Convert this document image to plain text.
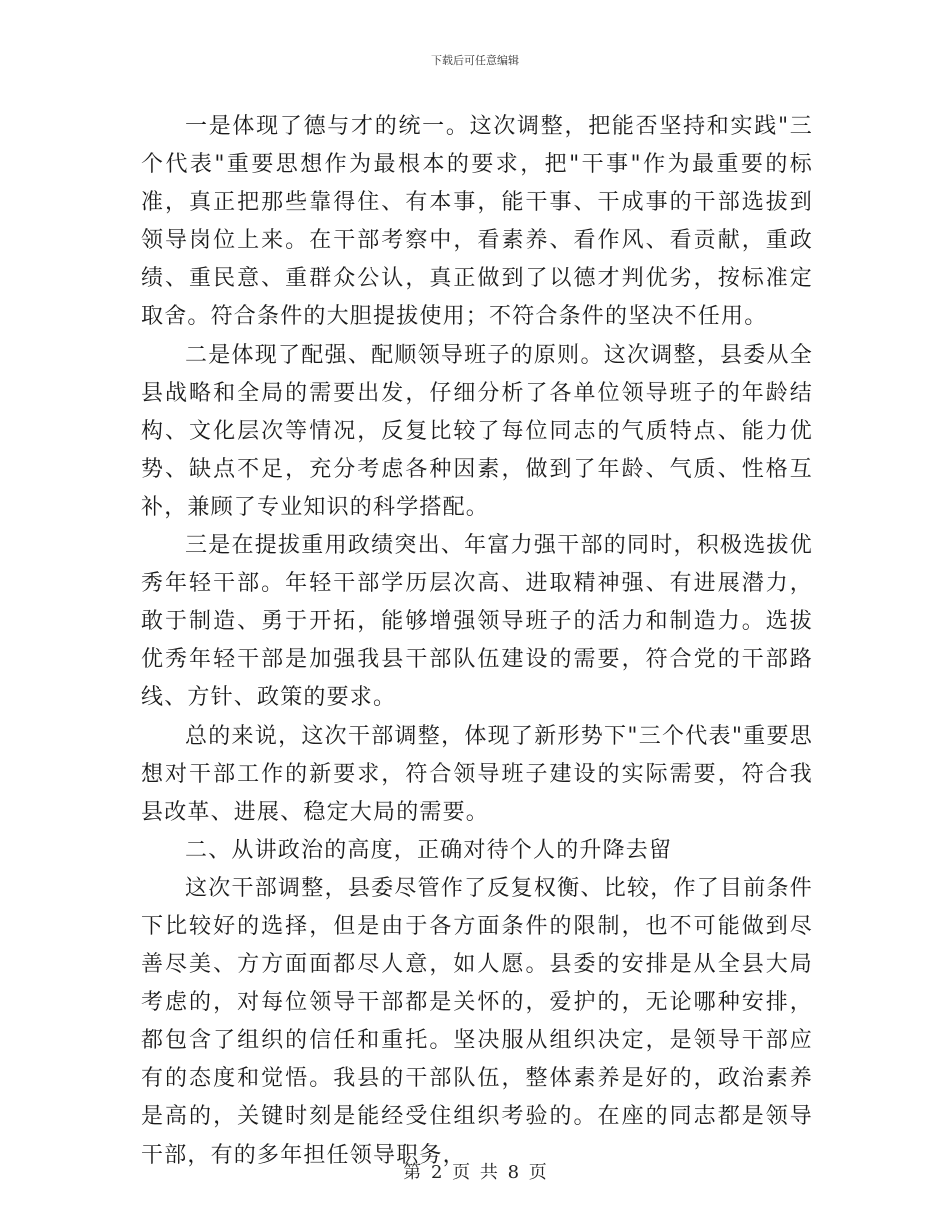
下载后可任意编辑

一是体现了德与才的统一。这次调整，把能否坚持和实践"三个代表"重要思想作为最根本的要求，把"干事"作为最重要的标准，真正把那些靠得住、有本事，能干事、干成事的干部选拔到领导岗位上来。在干部考察中，看素养、看作风、看贡献，重政绩、重民意、重群众公认，真正做到了以德才判优劣，按标准定取舍。符合条件的大胆提拔使用；不符合条件的坚决不任用。

二是体现了配强、配顺领导班子的原则。这次调整，县委从全县战略和全局的需要出发，仔细分析了各单位领导班子的年龄结构、文化层次等情况，反复比较了每位同志的气质特点、能力优势、缺点不足，充分考虑各种因素，做到了年龄、气质、性格互补，兼顾了专业知识的科学搭配。

三是在提拔重用政绩突出、年富力强干部的同时，积极选拔优秀年轻干部。年轻干部学历层次高、进取精神强、有进展潜力，敢于制造、勇于开拓，能够增强领导班子的活力和制造力。选拔优秀年轻干部是加强我县干部队伍建设的需要，符合党的干部路线、方针、政策的要求。

总的来说，这次干部调整，体现了新形势下"三个代表"重要思想对干部工作的新要求，符合领导班子建设的实际需要，符合我县改革、进展、稳定大局的需要。

二、从讲政治的高度，正确对待个人的升降去留

这次干部调整，县委尽管作了反复权衡、比较，作了目前条件下比较好的选择，但是由于各方面条件的限制，也不可能做到尽善尽美、方方面面都尽人意，如人愿。县委的安排是从全县大局考虑的，对每位领导干部都是关怀的，爱护的，无论哪种安排，都包含了组织的信任和重托。坚决服从组织决定，是领导干部应有的态度和觉悟。我县的干部队伍，整体素养是好的，政治素养是高的，关键时刻是能经受住组织考验的。在座的同志都是领导干部，有的多年担任领导职务，

第 2 页 共 8 页
